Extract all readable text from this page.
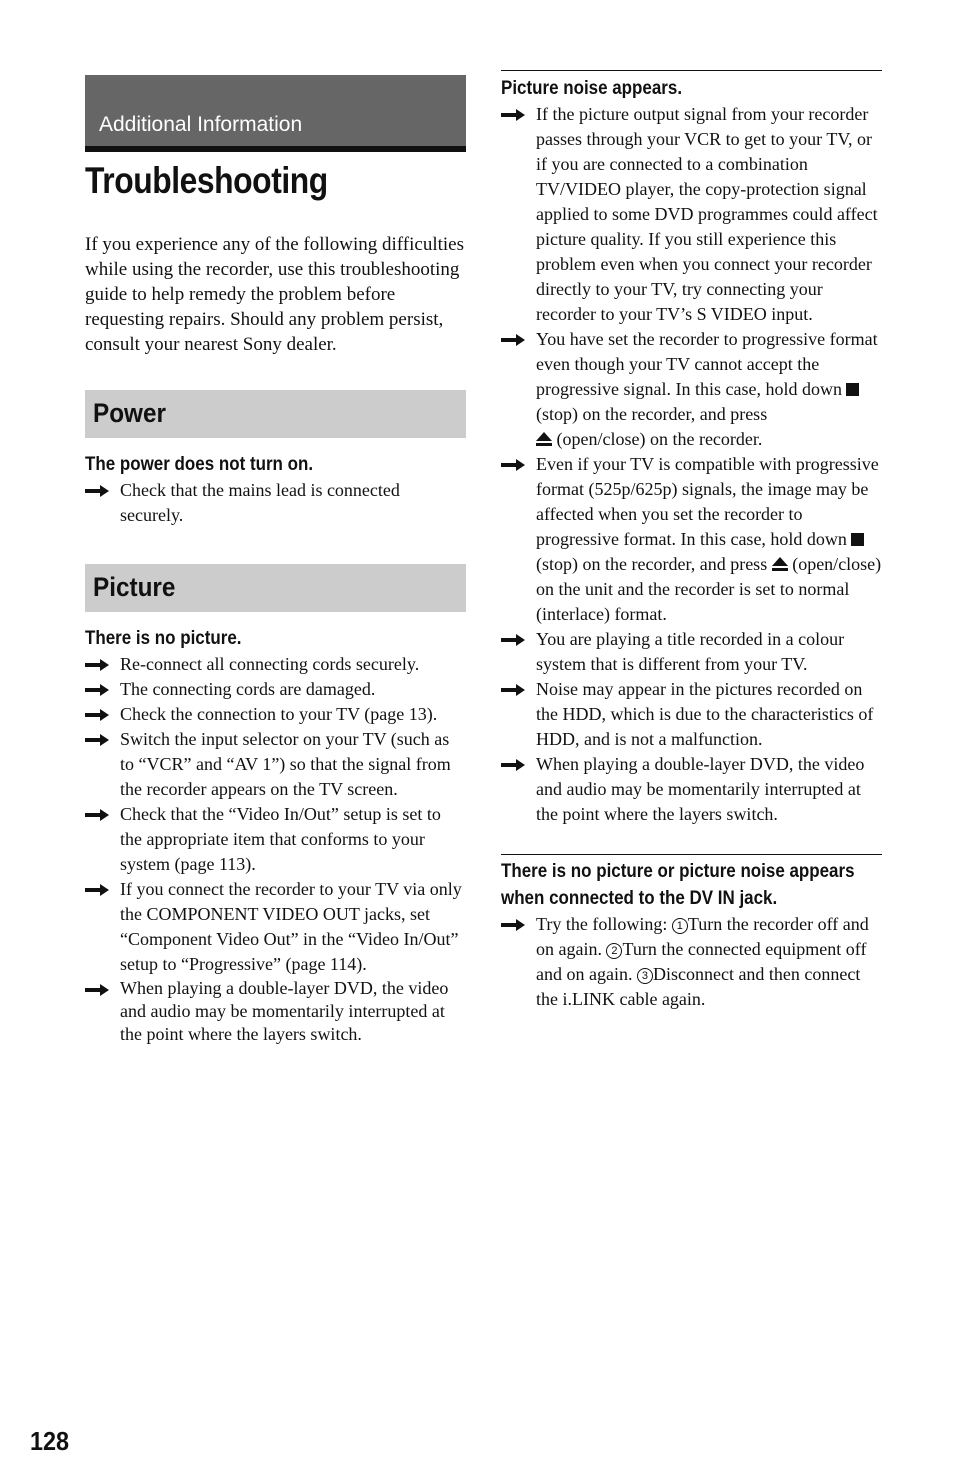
Additional Information
Troubleshooting

If you experience any of the following difficulties while using the recorder, use this troubleshooting guide to help remedy the problem before requesting repairs. Should any problem persist, consult your nearest Sony dealer.

Power
The power does not turn on.
Check that the mains lead is connected securely.
Picture
There is no picture.
Re-connect all connecting cords securely.
The connecting cords are damaged.
Check the connection to your TV (page 13).
Switch the input selector on your TV (such as to “VCR” and “AV 1”) so that the signal from the recorder appears on the TV screen.
Check that the “Video In/Out” setup is set to the appropriate item that conforms to your system (page 113).
If you connect the recorder to your TV via only the COMPONENT VIDEO OUT jacks, set “Component Video Out” in the “Video In/Out” setup to “Progressive” (page 114).
When playing a double-layer DVD, the video and audio may be momentarily interrupted at the point where the layers switch.
Picture noise appears.
If the picture output signal from your recorder passes through your VCR to get to your TV, or if you are connected to a combination TV/VIDEO player, the copy-protection signal applied to some DVD programmes could affect picture quality. If you still experience this problem even when you connect your recorder directly to your TV, try connecting your recorder to your TV’s S VIDEO input.
You have set the recorder to progressive format even though your TV cannot accept the progressive signal. In this case, hold down  (stop) on the recorder, and press
(open/close) on the recorder.
Even if your TV is compatible with progressive format (525p/625p) signals, the image may be affected when you set the recorder to progressive format. In this case, hold down  (stop) on the recorder, and press (open/close) on the unit and the recorder is set to normal (interlace) format.
You are playing a title recorded in a colour system that is different from your TV.
Noise may appear in the pictures recorded on the HDD, which is due to the characteristics of HDD, and is not a malfunction.
When playing a double-layer DVD, the video and audio may be momentarily interrupted at the point where the layers switch.
There is no picture or picture noise appears when connected to the DV IN jack.
Try the following: 1 Turn the recorder off and on again. 2 Turn the connected equipment off and on again. 3 Disconnect and then connect the i.LINK cable again.
128
